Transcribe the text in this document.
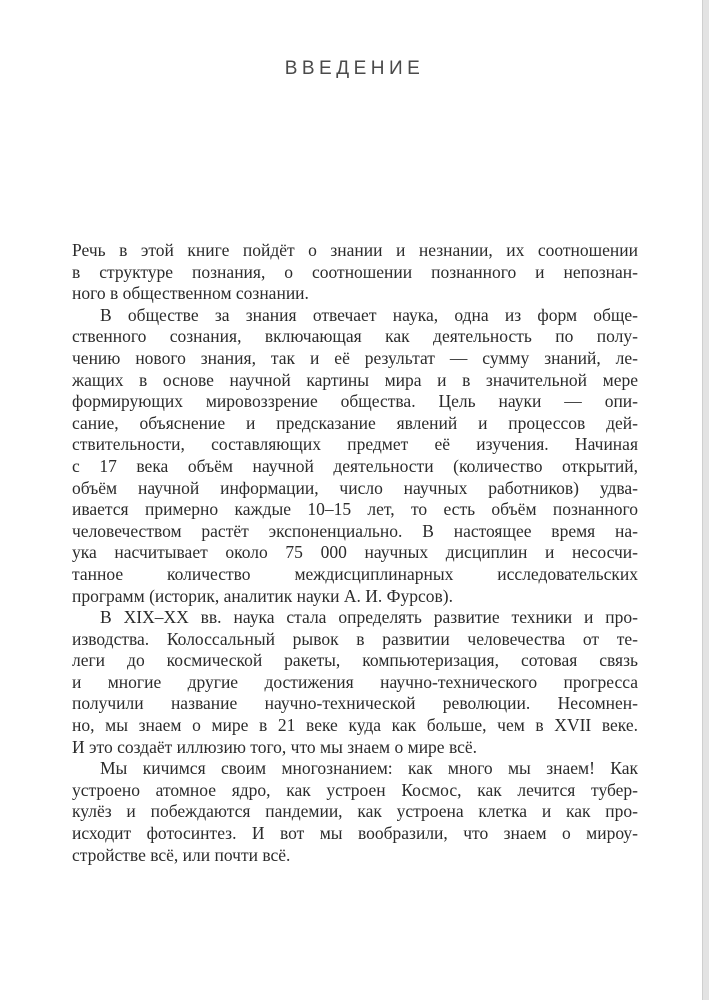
ВВЕДЕНИЕ

Речь в этой книге пойдёт о знании и незнании, их соотношении

в структуре познания, о соотношении познанного и непознан-

ного в общественном сознании.

В обществе за знания отвечает наука, одна из форм обще-

ственного сознания, включающая как деятельность по полу-

чению нового знания, так и её результат — сумму знаний, ле-

жащих в основе научной картины мира и в значительной мере

формирующих мировоззрение общества. Цель науки — опи-

сание, объяснение и предсказание явлений и процессов дей-

ствительности, составляющих предмет её изучения. Начиная

с 17 века объём научной деятельности (количество открытий,

объём научной информации, число научных работников) удва-

ивается примерно каждые 10–15 лет, то есть объём познанного

человечеством растёт экспоненциально. В настоящее время на-

ука насчитывает около 75 000 научных дисциплин и несосчи-

танное количество междисциплинарных исследовательских

программ (историк, аналитик науки А. И. Фурсов).

В XIX–XX вв. наука стала определять развитие техники и про-

изводства. Колоссальный рывок в развитии человечества от те-

леги до космической ракеты, компьютеризация, сотовая связь

и многие другие достижения научно-технического прогресса

получили название научно-технической революции. Несомнен-

но, мы знаем о мире в 21 веке куда как больше, чем в XVII веке.

И это создаёт иллюзию того, что мы знаем о мире всё.

Мы кичимся своим многознанием: как много мы знаем! Как

устроено атомное ядро, как устроен Космос, как лечится тубер-

кулёз и побеждаются пандемии, как устроена клетка и как про-

исходит фотосинтез. И вот мы вообразили, что знаем о мироу-

стройстве всё, или почти всё.
